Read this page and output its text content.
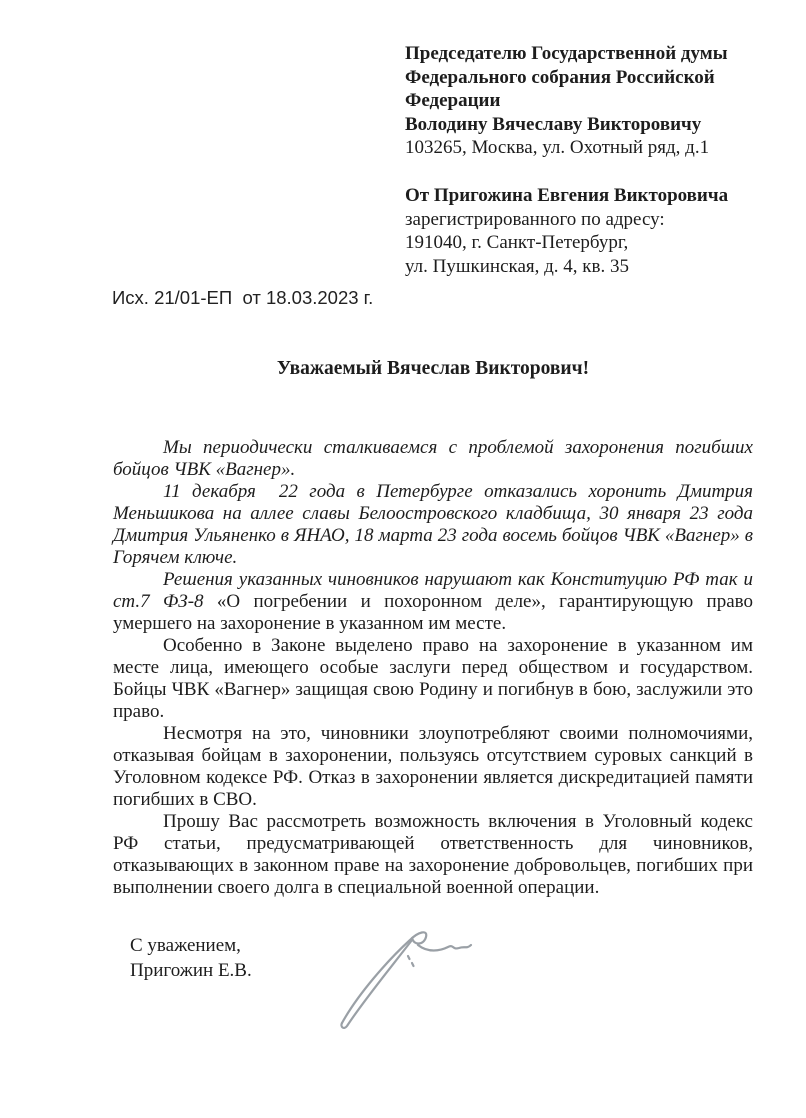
Председателю Государственной думы
Федерального собрания Российской
Федерации
Володину Вячеславу Викторовичу
103265, Москва, ул. Охотный ряд, д.1
От Пригожина Евгения Викторовича
зарегистрированного по адресу:
191040, г. Санкт-Петербург,
ул. Пушкинская, д. 4, кв. 35
Исх. 21/01-ЕП  от 18.03.2023 г.
Уважаемый Вячеслав Викторович!

Мы периодически сталкиваемся с проблемой захоронения погибших бойцов ЧВК «Вагнер».

11 декабря  22 года в Петербурге отказались хоронить Дмитрия Меньшикова на аллее славы Белоостровского кладбища, 30 января 23 года Дмитрия Ульяненко в ЯНАО, 18 марта 23 года восемь бойцов ЧВК «Вагнер» в Горячем ключе.

Решения указанных чиновников нарушают как Конституцию РФ так и ст.7 ФЗ-8 «О погребении и похоронном деле», гарантирующую право умершего на захоронение в указанном им месте.

Особенно в Законе выделено право на захоронение в указанном им месте лица, имеющего особые заслуги перед обществом и государством. Бойцы ЧВК «Вагнер» защищая свою Родину и погибнув в бою, заслужили это право.

Несмотря на это, чиновники злоупотребляют своими полномочиями, отказывая бойцам в захоронении, пользуясь отсутствием суровых санкций в Уголовном кодексе РФ. Отказ в захоронении является дискредитацией памяти погибших в СВО.

Прошу Вас рассмотреть возможность включения в Уголовный кодекс РФ статьи, предусматривающей ответственность для чиновников, отказывающих в законном праве на захоронение добровольцев, погибших при выполнении своего долга в специальной военной операции.

С уважением,
Пригожин Е.В.
